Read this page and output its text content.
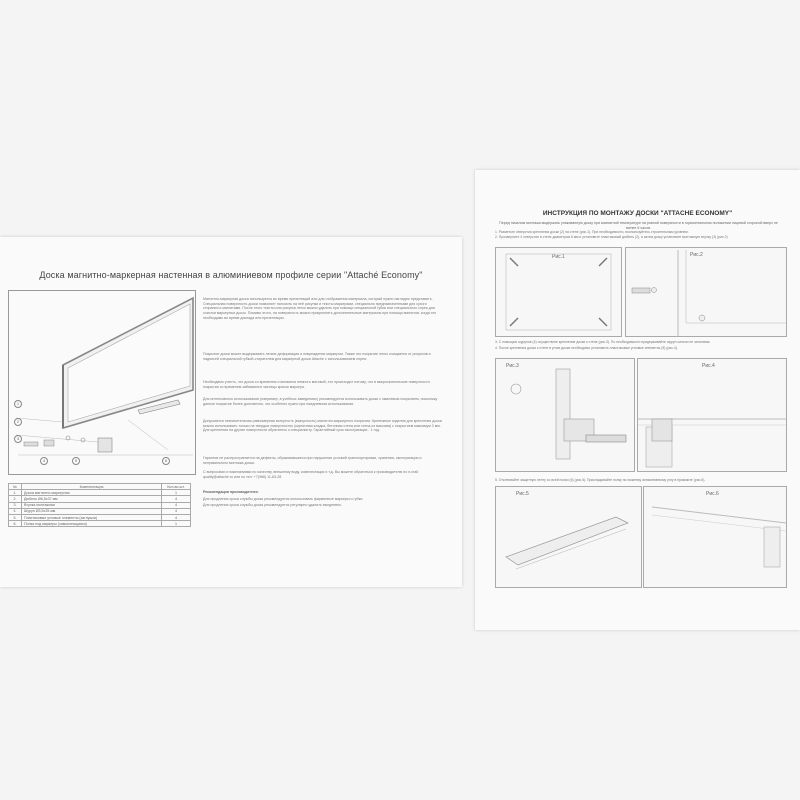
Доска магнитно-маркерная настенная в алюминиевом профиле серии "Attaché Economy"
1
2
3
4	5	6

Магнитно-маркерная доска используется во время презентаций или для отображения материала, который нужно наглядно представить. Специальная поверхность доски позволяет наносить на неё рисунки и тексты маркерами, специально предназначенными для сухого стирания и магнитами. После этого тексты или рисунки легко можно удалить при помощи специальной губки или специального спрея для очистки маркерных досок. Помимо этого, на поверхность можно прикреплять дополнительные материалы при помощи магнитов, когда это необходимо во время доклада или презентации.

Покрытие доски может выдерживать легкие деформации и повреждения маркером. Также это покрытие легко очищается от рисунков и надписей специальной губкой-стирателем для маркерной доски Attache с использованием спрея.

Необходимо учесть, что доска со временем становится немного матовой, это происходит потому, что в микроскопические поверхности покрытия со временем забиваются частицы краски маркера.

Для интенсивного использования (например, в учебных заведениях) рекомендуется использовать доски с эмалевым покрытием, поскольку данное покрытие более долговечно, что особенно нужно при ежедневном использовании.

Допускается незначительная равномерная вогнутость (выпуклость) магнитно-маркерного покрытия. Крепежные изделия для крепления доски можно использовать только на твердых поверхностях (кирпичная кладка, бетонная стена или стена из массива) с покрытием максимум 3 мм. Для крепления на другие поверхности обратитесь к специалисту. Гарантийный срок эксплуатации - 1 год.

Гарантия не распространяется на дефекты, образовавшиеся при нарушении условий транспортировки, хранения, эксплуатации и неправильного монтажа доски.

С вопросами и пожеланиями по качеству, внешнему виду, комплектации и т.д. Вы можете обратиться к производителю по e-mail: quality@attache.ru или по тел: +7(966) 11-63-28

Рекомендации производителя:

Для продления срока службы доски рекомендуется использовать фирменные маркеры и губки.

Для продления срока службы доски рекомендуется регулярно удалять ежедневно.

№	Комплектация	Кол-во шт.
1.	Доска магнитно-маркерная	1
2.	Дюбель Ø6,5х37 мм	4
3.	Втулка монтажная	4
4.	Шуруп Ø3,5х35 мм	4
5.	Пластиковые угловые элементы (заглушки)	4
6.	Полка под маркеры (самоклеящаяся)	1
ИНСТРУКЦИЯ ПО МОНТАЖУ ДОСКИ "ATTACHE ECONOMY"
Перед началом монтажа выдержать упакованную доску при комнатной температуре на ровной поверхности в горизонтальном положении лицевой стороной вверх не менее 6 часов.
1. Разметьте отверстия крепления доски (2) на стене (рис.1). При необходимости, воспользуйтесь строительным уровнем.
2. Просверлите 4 отверстия в стене диаметром 6 мм и установите пластиковый дюбель (2), а затем доску установите монтажную втулку (3) (рис.2)
Рис.1	Рис.2
3. С помощью шурупов (4) осуществите крепление доски к стене (рис.3). По необходимости придерживайте шуруп сильно не затягивая.
4. После крепления доски к стене в углах доски необходимо установить пластиковые угловые элементы (5) (рис.4).
Рис.3	Рис.4
5. Отклеивайте защитную ленту со всей полки (6) (рис.5). Прикладывайте полку по нижнему алюминиевому углу в прижмите (рис.6).
Рис.5	Рис.6
